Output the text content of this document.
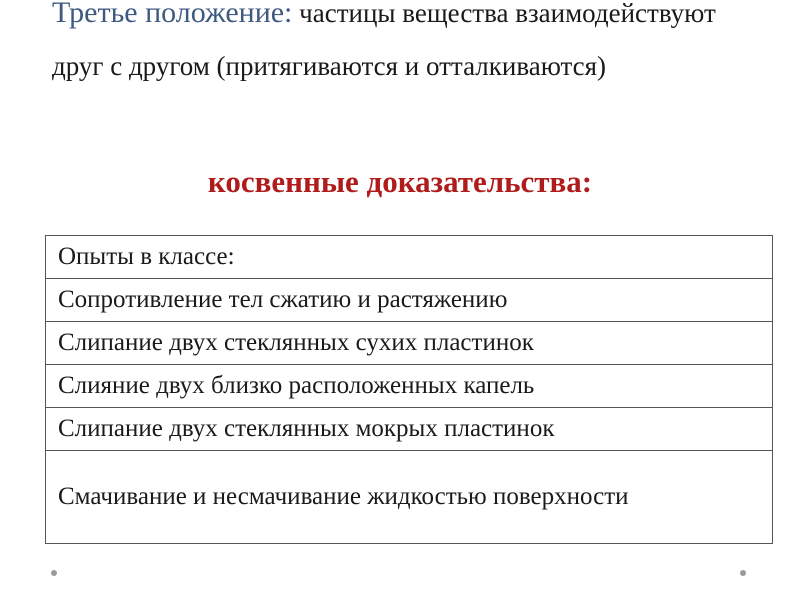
Третье положение: частицы вещества взаимодействуют друг с другом (притягиваются и отталкиваются)

косвенные доказательства:

Опыты в классе:
Сопротивление тел сжатию и растяжению
Слипание двух стеклянных сухих пластинок
Слияние двух близко расположенных капель
Слипание двух стеклянных мокрых пластинок
Смачивание и несмачивание жидкостью поверхности
